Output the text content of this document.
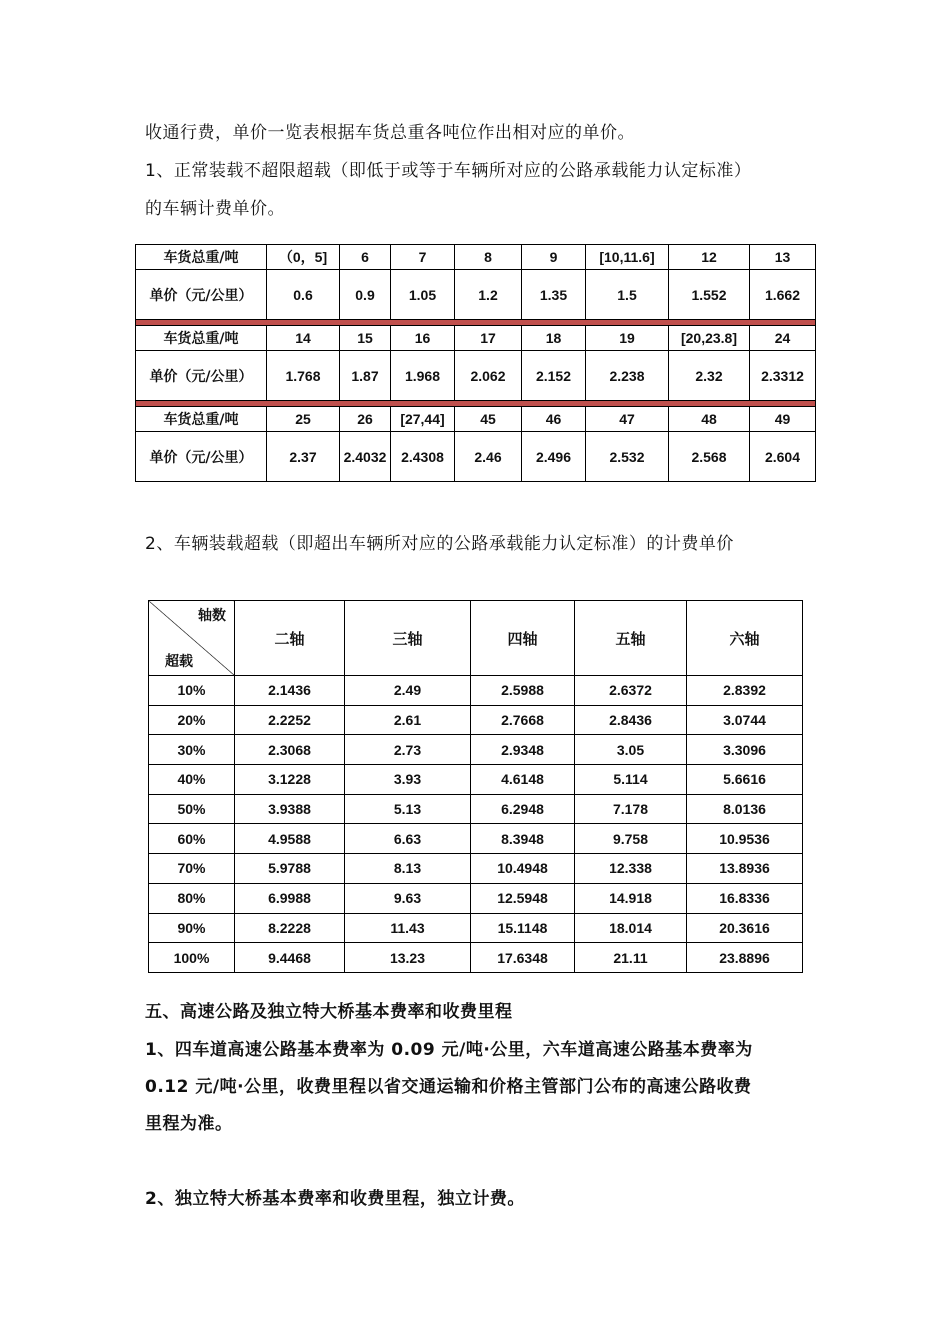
收通行费，单价一览表根据车货总重各吨位作出相对应的单价。
1、正常装载不超限超载（即低于或等于车辆所对应的公路承载能力认定标准）
的车辆计费单价。
车货总重/吨	（0，5]	6	7	8	9	[10,11.6]	12	13
单价（元/公里）	0.6	0.9	1.05	1.2	1.35	1.5	1.552	1.662

车货总重/吨	14	15	16	17	18	19	[20,23.8]	24
单价（元/公里）	1.768	1.87	1.968	2.062	2.152	2.238	2.32	2.3312

车货总重/吨	25	26	[27,44]	45	46	47	48	49
单价（元/公里）	2.37	2.4032	2.4308	2.46	2.496	2.532	2.568	2.604
2、车辆装载超载（即超出车辆所对应的公路承载能力认定标准）的计费单价
轴数
超载	二轴	三轴	四轴	五轴	六轴
10%	2.1436	2.49	2.5988	2.6372	2.8392
20%	2.2252	2.61	2.7668	2.8436	3.0744
30%	2.3068	2.73	2.9348	3.05	3.3096
40%	3.1228	3.93	4.6148	5.114	5.6616
50%	3.9388	5.13	6.2948	7.178	8.0136
60%	4.9588	6.63	8.3948	9.758	10.9536
70%	5.9788	8.13	10.4948	12.338	13.8936
80%	6.9988	9.63	12.5948	14.918	16.8336
90%	8.2228	11.43	15.1148	18.014	20.3616
100%	9.4468	13.23	17.6348	21.11	23.8896
五、高速公路及独立特大桥基本费率和收费里程
1、四车道高速公路基本费率为 0.09 元/吨·公里，六车道高速公路基本费率为
0.12 元/吨·公里，收费里程以省交通运输和价格主管部门公布的高速公路收费
里程为准。
2、独立特大桥基本费率和收费里程，独立计费。
